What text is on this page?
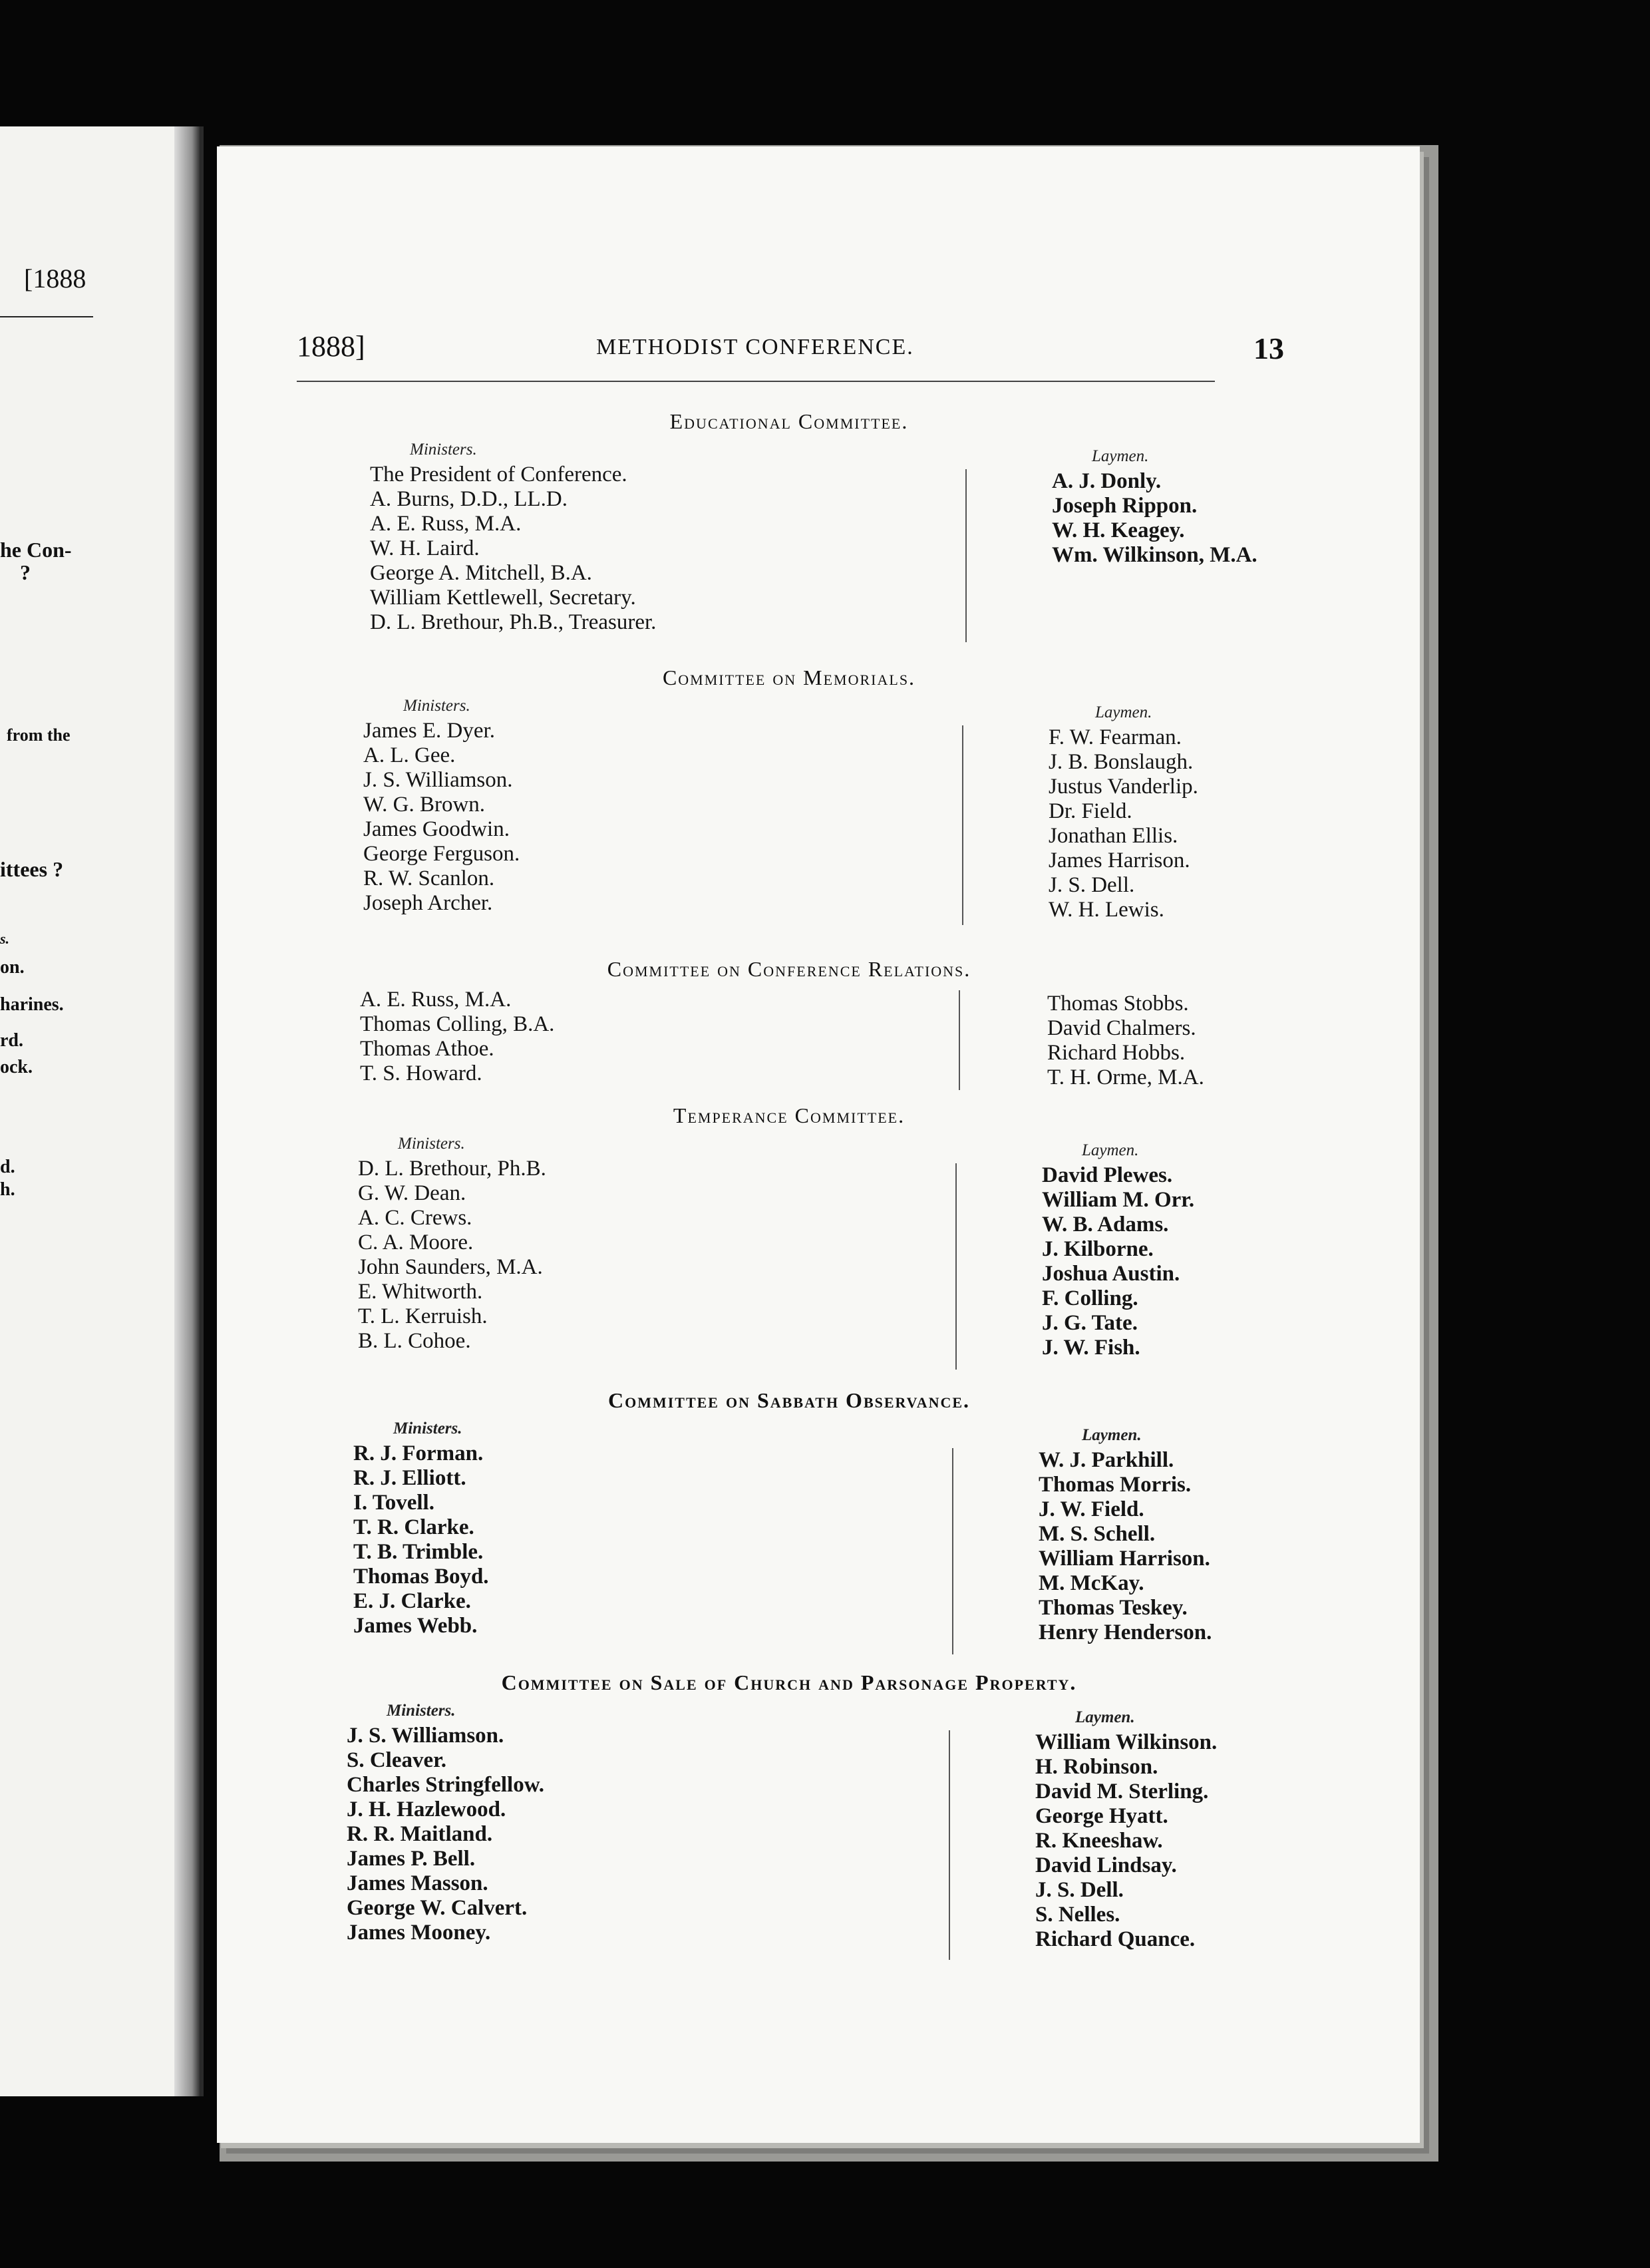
[1888
he Con-
?
from the
ittees ?
s.
on.
harines.
rd.
ock.
d.
h.
1888]	METHODIST CONFERENCE.	13
Educational Committee.
Ministers.
The President of Conference.
A. Burns, D.D., LL.D.
A. E. Russ, M.A.
W. H. Laird.
George A. Mitchell, B.A.
William Kettlewell, Secretary.
D. L. Brethour, Ph.B., Treasurer.
Laymen.
A. J. Donly.
Joseph Rippon.
W. H. Keagey.
Wm. Wilkinson, M.A.
Committee on Memorials.
Ministers.
James E. Dyer.
A. L. Gee.
J. S. Williamson.
W. G. Brown.
James Goodwin.
George Ferguson.
R. W. Scanlon.
Joseph Archer.
Laymen.
F. W. Fearman.
J. B. Bonslaugh.
Justus Vanderlip.
Dr. Field.
Jonathan Ellis.
James Harrison.
J. S. Dell.
W. H. Lewis.
Committee on Conference Relations.
A. E. Russ, M.A.
Thomas Colling, B.A.
Thomas Athoe.
T. S. Howard.
Thomas Stobbs.
David Chalmers.
Richard Hobbs.
T. H. Orme, M.A.
Temperance Committee.
Ministers.
D. L. Brethour, Ph.B.
G. W. Dean.
A. C. Crews.
C. A. Moore.
John Saunders, M.A.
E. Whitworth.
T. L. Kerruish.
B. L. Cohoe.
Laymen.
David Plewes.
William M. Orr.
W. B. Adams.
J. Kilborne.
Joshua Austin.
F. Colling.
J. G. Tate.
J. W. Fish.
Committee on Sabbath Observance.
Ministers.
R. J. Forman.
R. J. Elliott.
I. Tovell.
T. R. Clarke.
T. B. Trimble.
Thomas Boyd.
E. J. Clarke.
James Webb.
Laymen.
W. J. Parkhill.
Thomas Morris.
J. W. Field.
M. S. Schell.
William Harrison.
M. McKay.
Thomas Teskey.
Henry Henderson.
Committee on Sale of Church and Parsonage Property.
Ministers.
J. S. Williamson.
S. Cleaver.
Charles Stringfellow.
J. H. Hazlewood.
R. R. Maitland.
James P. Bell.
James Masson.
George W. Calvert.
James Mooney.
Laymen.
William Wilkinson.
H. Robinson.
David M. Sterling.
George Hyatt.
R. Kneeshaw.
David Lindsay.
J. S. Dell.
S. Nelles.
Richard Quance.
